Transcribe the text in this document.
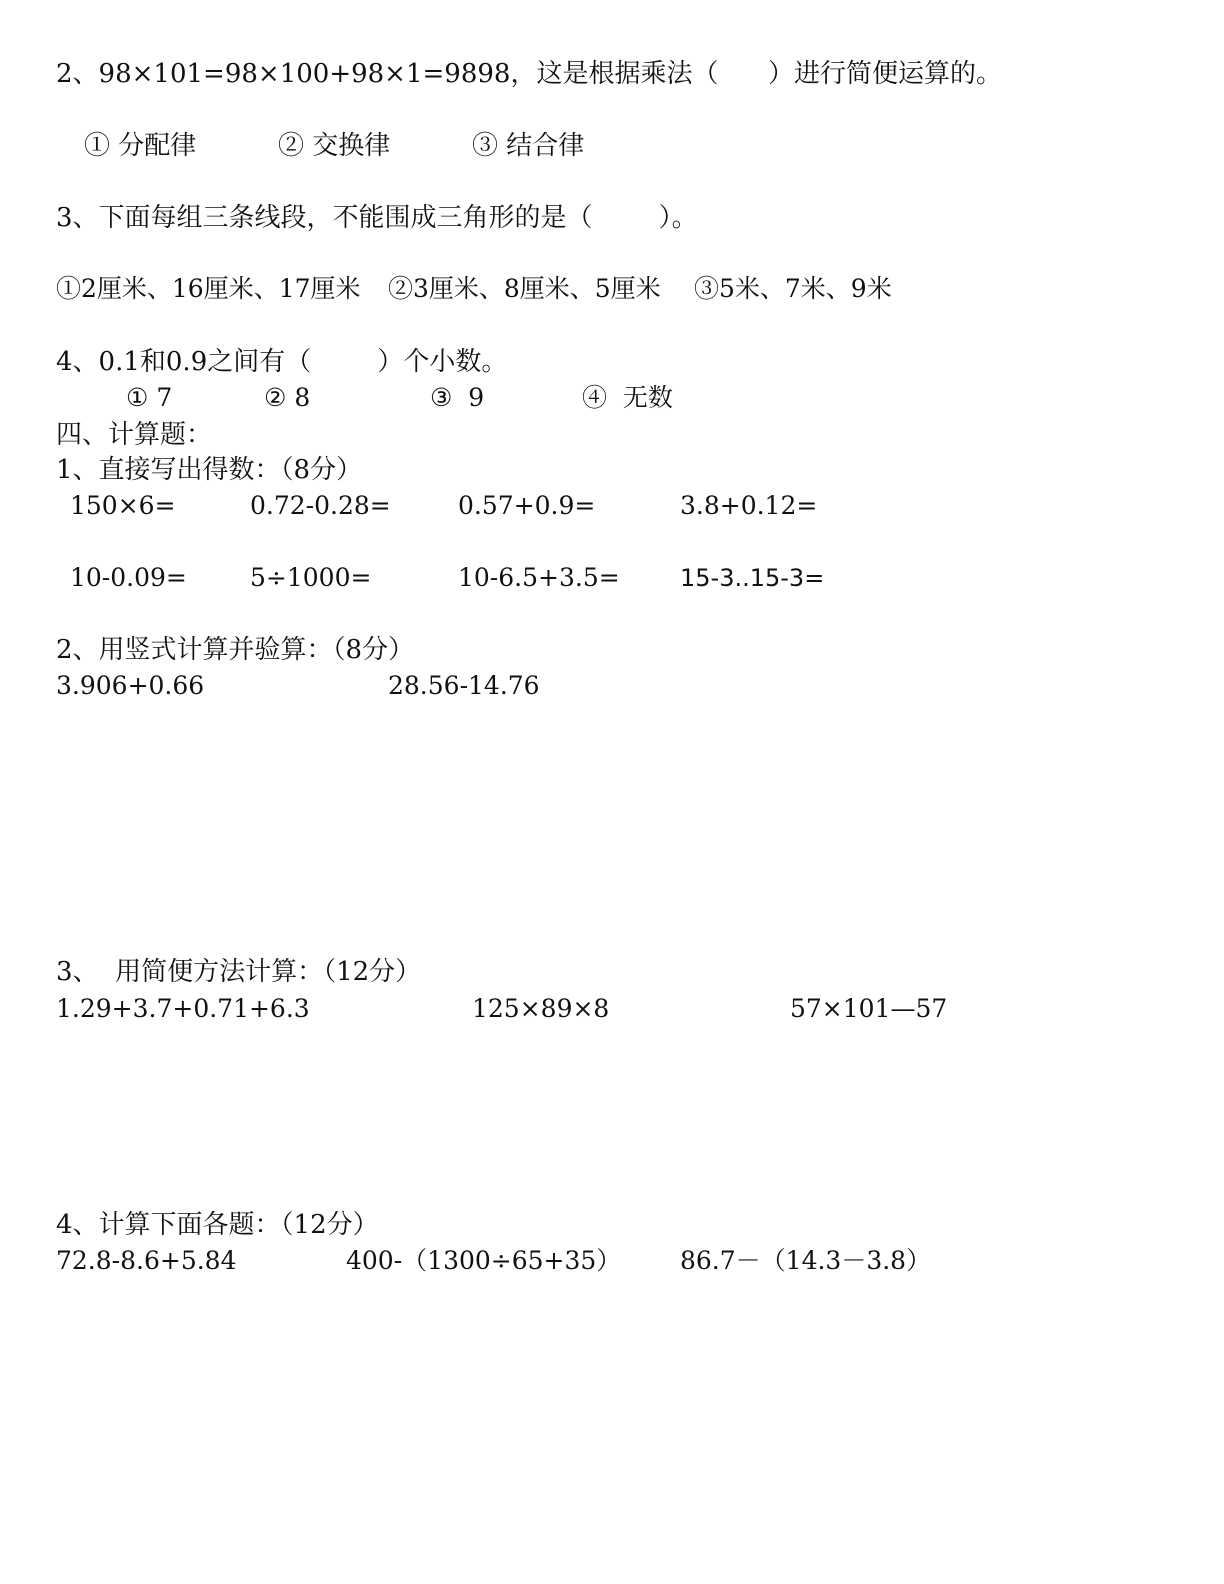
2、98×101=98×100+98×1=9898，这是根据乘法（      ）进行简便运算的。
① 分配律	② 交换律	③ 结合律
3、下面每组三条线段，不能围成三角形的是（        ）。
①2厘米、16厘米、17厘米 ②3厘米、8厘米、5厘米 ③5米、7米、9米
4、0.1和0.9之间有（        ）个小数。
① 7	② 8	③  9	④  无数
四、计算题：
1、直接写出得数：（8分）
150×6=	0.72-0.28=	0.57+0.9=	3.8+0.12=
10-0.09=	5÷1000=	10-6.5+3.5=	15-3..15-3=
2、用竖式计算并验算：（8分）
3.906+0.66	28.56-14.76
3、  用简便方法计算：（12分）
1.29+3.7+0.71+6.3	125×89×8	57×101—57
4、计算下面各题：（12分）
72.8-8.6+5.84	400-（1300÷65+35） 86.7－（14.3－3.8）
